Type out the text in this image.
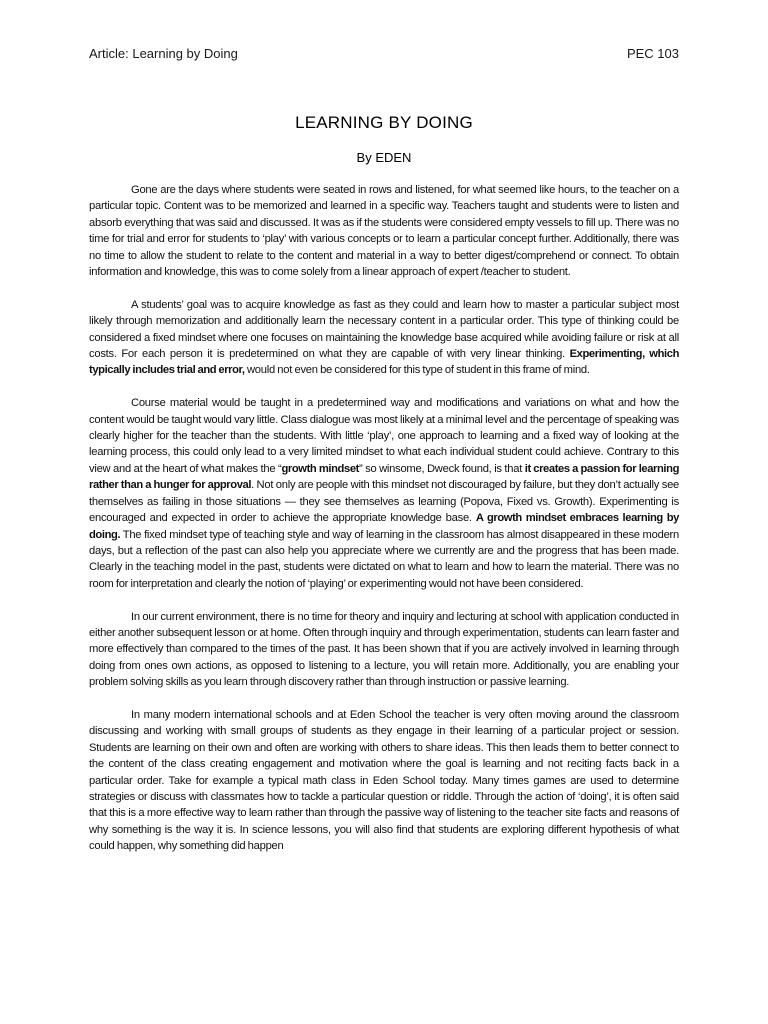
Article: Learning by Doing	PEC 103
LEARNING BY DOING
By EDEN

Gone are the days where students were seated in rows and listened, for what seemed like hours, to the teacher on a particular topic. Content was to be memorized and learned in a specific way. Teachers taught and students were to listen and absorb everything that was said and discussed. It was as if the students were considered empty vessels to fill up. There was no time for trial and error for students to ‘play’ with various concepts or to learn a particular concept further. Additionally, there was no time to allow the student to relate to the content and material in a way to better digest/comprehend or connect. To obtain information and knowledge, this was to come solely from a linear approach of expert /teacher to student.

A students’ goal was to acquire knowledge as fast as they could and learn how to master a particular subject most likely through memorization and additionally learn the necessary content in a particular order. This type of thinking could be considered a fixed mindset where one focuses on maintaining the knowledge base acquired while avoiding failure or risk at all costs. For each person it is predetermined on what they are capable of with very linear thinking. Experimenting, which typically includes trial and error, would not even be considered for this type of student in this frame of mind.

Course material would be taught in a predetermined way and modifications and variations on what and how the content would be taught would vary little. Class dialogue was most likely at a minimal level and the percentage of speaking was clearly higher for the teacher than the students. With little ‘play’, one approach to learning and a fixed way of looking at the learning process, this could only lead to a very limited mindset to what each individual student could achieve. Contrary to this view and at the heart of what makes the “growth mindset” so winsome, Dweck found, is that it creates a passion for learning rather than a hunger for approval. Not only are people with this mindset not discouraged by failure, but they don’t actually see themselves as failing in those situations — they see themselves as learning (Popova, Fixed vs. Growth). Experimenting is encouraged and expected in order to achieve the appropriate knowledge base. A growth mindset embraces learning by doing. The fixed mindset type of teaching style and way of learning in the classroom has almost disappeared in these modern days, but a reflection of the past can also help you appreciate where we currently are and the progress that has been made. Clearly in the teaching model in the past, students were dictated on what to learn and how to learn the material. There was no room for interpretation and clearly the notion of ‘playing’ or experimenting would not have been considered.

In our current environment, there is no time for theory and inquiry and lecturing at school with application conducted in either another subsequent lesson or at home. Often through inquiry and through experimentation, students can learn faster and more effectively than compared to the times of the past. It has been shown that if you are actively involved in learning through doing from ones own actions, as opposed to listening to a lecture, you will retain more. Additionally, you are enabling your problem solving skills as you learn through discovery rather than through instruction or passive learning.

In many modern international schools and at Eden School the teacher is very often moving around the classroom discussing and working with small groups of students as they engage in their learning of a particular project or session. Students are learning on their own and often are working with others to share ideas. This then leads them to better connect to the content of the class creating engagement and motivation where the goal is learning and not reciting facts back in a particular order. Take for example a typical math class in Eden School today. Many times games are used to determine strategies or discuss with classmates how to tackle a particular question or riddle. Through the action of ‘doing’, it is often said that this is a more effective way to learn rather than through the passive way of listening to the teacher site facts and reasons of why something is the way it is. In science lessons, you will also find that students are exploring different hypothesis of what could happen, why something did happen
